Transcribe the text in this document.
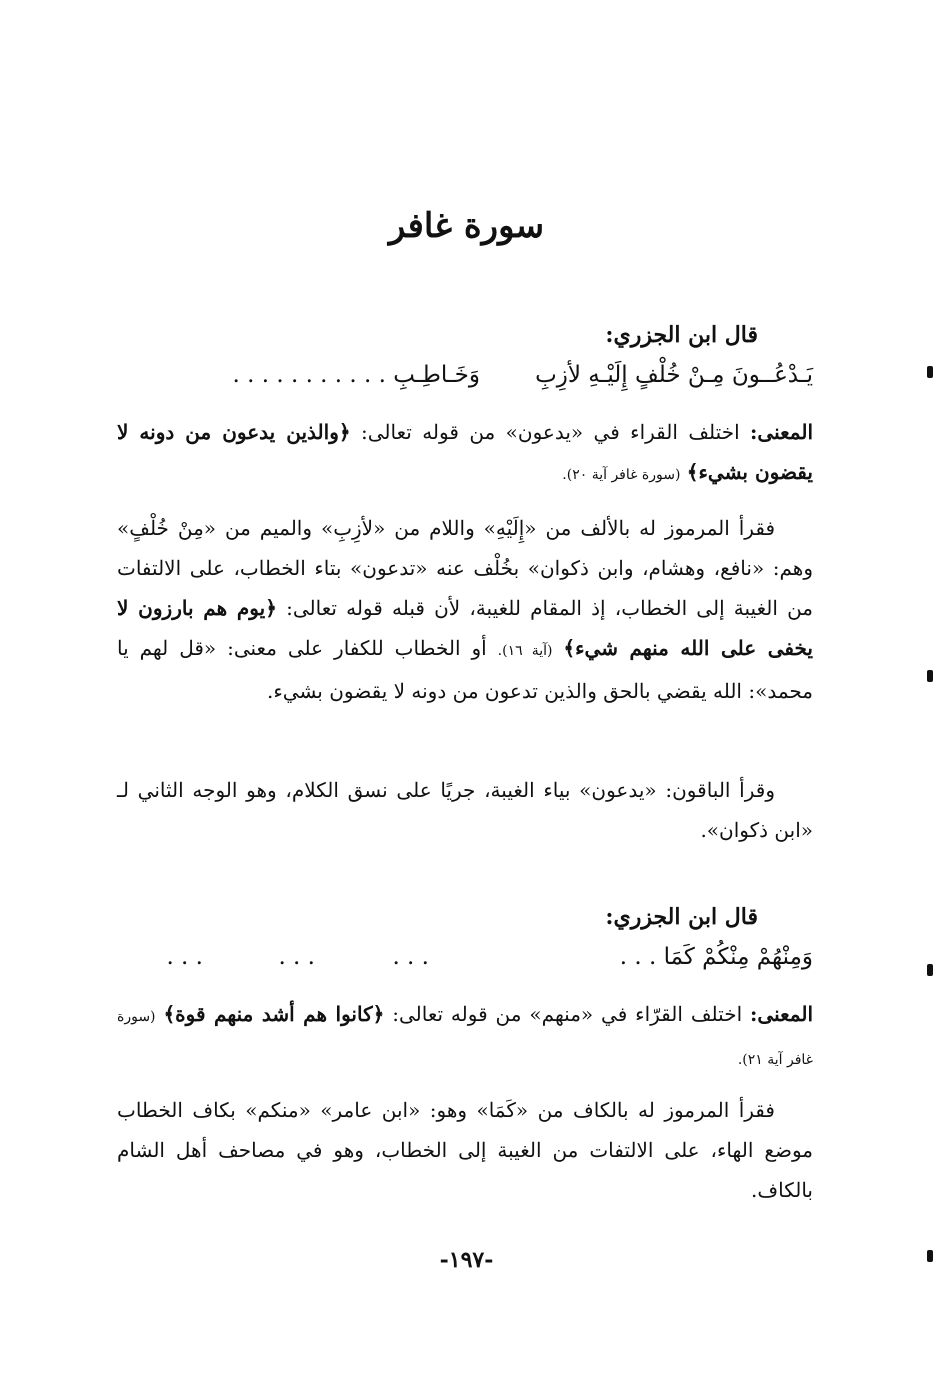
سورة غافر
قال ابن الجزري:
يَـدْعُــونَ مِـنْ خُلْفٍ إِلَيْـهِ لأزِبِ
وَخَـاطِـبِ . . . . . . . . . . .
المعنى: اختلف القراء في «يدعون» من قوله تعالى: ﴿والذين يدعون من دونه لا يقضون بشيء﴾ (سورة غافر آية ٢٠).
فقرأ المرموز له بالألف من «إِلَيْهِ» واللام من «لأزِبِ» والميم من «مِنْ خُلْفٍ» وهم: «نافع، وهشام، وابن ذكوان» بخُلْف عنه «تدعون» بتاء الخطاب، على الالتفات من الغيبة إلى الخطاب، إذ المقام للغيبة، لأن قبله قوله تعالى: ﴿يوم هم بارزون لا يخفى على الله منهم شيء﴾ (آية ١٦). أو الخطاب للكفار على معنى: «قل لهم يا محمد»: الله يقضي بالحق والذين تدعون من دونه لا يقضون بشيء.
وقرأ الباقون: «يدعون» بياء الغيبة، جريًا على نسق الكلام، وهو الوجه الثاني لـ «ابن ذكوان».
قال ابن الجزري:
وَمِنْهُمْ مِنْكُمْ كَمَا . . .
. . .
. . .
. . .
المعنى: اختلف القرّاء في «منهم» من قوله تعالى: ﴿كانوا هم أشد منهم قوة﴾ (سورة غافر آية ٢١).
فقرأ المرموز له بالكاف من «كَمَا» وهو: «ابن عامر» «منكم» بكاف الخطاب موضع الهاء، على الالتفات من الغيبة إلى الخطاب، وهو في مصاحف أهل الشام بالكاف.
-١٩٧-
